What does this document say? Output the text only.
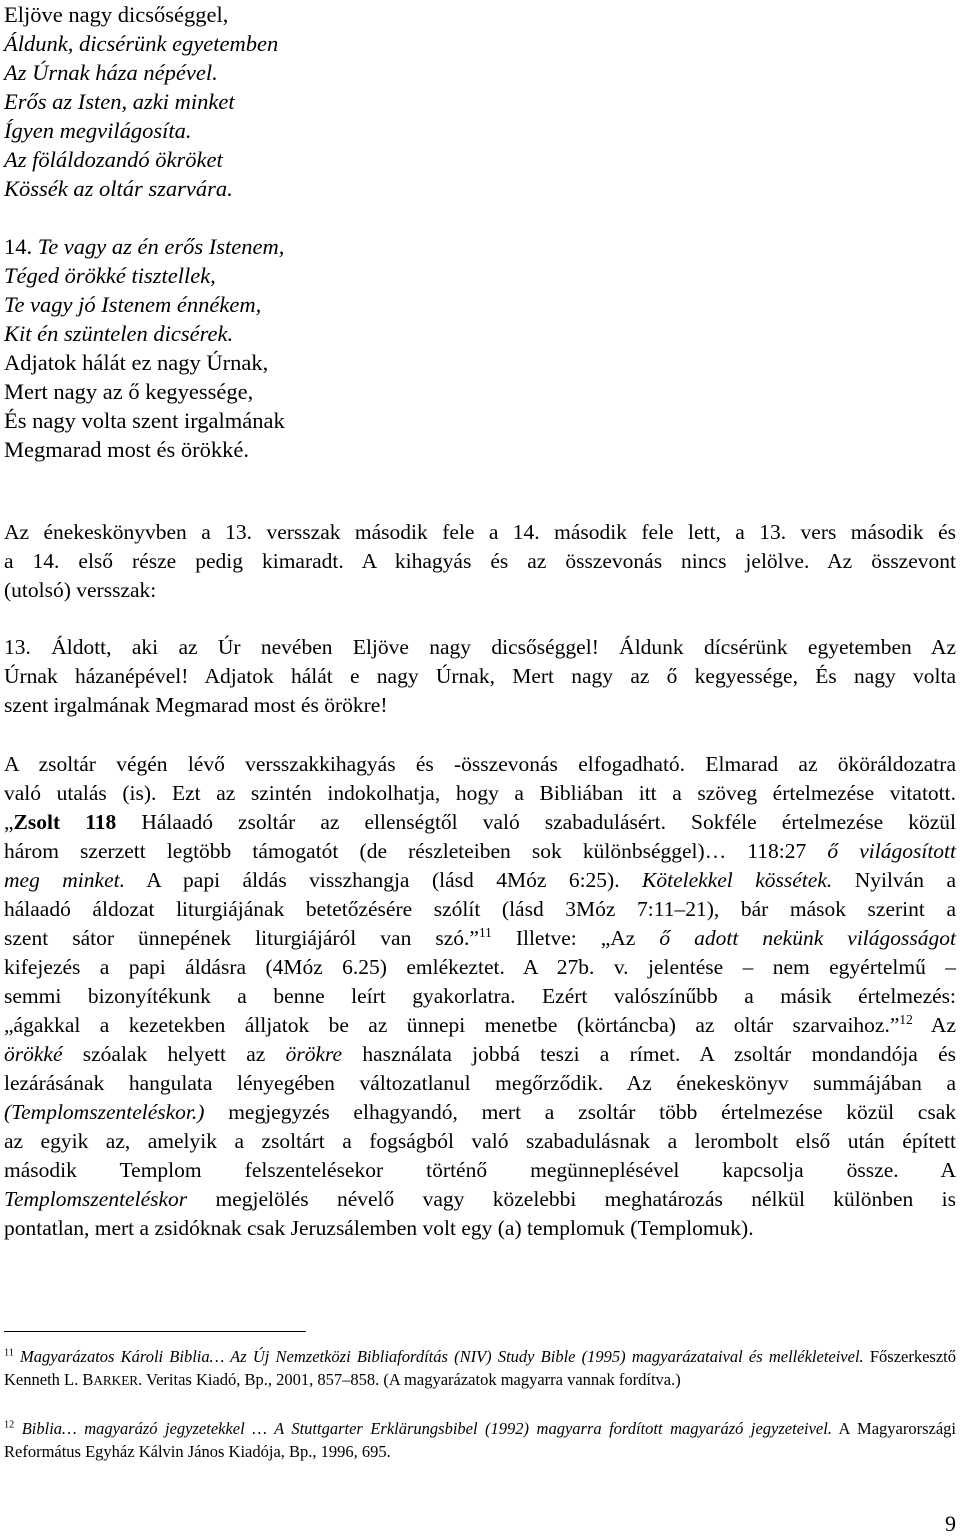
Eljöve nagy dicsőséggel,
Áldunk, dicsérünk egyetemben
Az Úrnak háza népével.
Erős az Isten, azki minket
Ígyen megvilágosíta.
Az föláldozandó ökröket
Kössék az oltár szarvára.
14. Te vagy az én erős Istenem,
Téged örökké tisztellek,
Te vagy jó Istenem énnékem,
Kit én szüntelen dicsérek.
Adjatok hálát ez nagy Úrnak,
Mert nagy az ő kegyessége,
És nagy volta szent irgalmának
Megmarad most és örökké.
Az énekeskönyvben a 13. versszak második fele a 14. második fele lett, a 13. vers második és
a 14. első része pedig kimaradt. A kihagyás és az összevonás nincs jelölve. Az összevont
(utolsó) versszak:
13. Áldott, aki az Úr nevében Eljöve nagy dicsőséggel! Áldunk dícsérünk egyetemben Az
Úrnak házanépével! Adjatok hálát e nagy Úrnak, Mert nagy az ő kegyessége, És nagy volta
szent irgalmának Megmarad most és örökre!
A zsoltár végén lévő versszakkihagyás és -összevonás elfogadható. Elmarad az ököráldozatra
való utalás (is). Ezt az szintén indokolhatja, hogy a Bibliában itt a szöveg értelmezése vitatott.
„Zsolt 118 Hálaadó zsoltár az ellenségtől való szabadulásért. Sokféle értelmezése közül
három szerzett legtöbb támogatót (de részleteiben sok különbséggel)… 118:27 ő világosított
meg minket. A papi áldás visszhangja (lásd 4Móz 6:25). Kötelekkel kössétek. Nyilván a
hálaadó áldozat liturgiájának betetőzésére szólít (lásd 3Móz 7:11–21), bár mások szerint a
szent sátor ünnepének liturgiájáról van szó.”$^{11}$ Illetve: „Az ő adott nekünk világosságot
kifejezés a papi áldásra (4Móz 6.25) emlékeztet. A 27b. v. jelentése – nem egyértelmű –
semmi bizonyítékunk a benne leírt gyakorlatra. Ezért valószínűbb a másik értelmezés:
„ágakkal a kezetekben álljatok be az ünnepi menetbe (körtáncba) az oltár szarvaihoz.”$^{12}$ Az
örökké szóalak helyett az örökre használata jobbá teszi a rímet. A zsoltár mondandója és
lezárásának hangulata lényegében változatlanul megőrződik. Az énekeskönyv summájában a
(Templomszenteléskor.) megjegyzés elhagyandó, mert a zsoltár több értelmezése közül csak
az egyik az, amelyik a zsoltárt a fogságból való szabadulásnak a lerombolt első után épített
második Templom felszentelésekor történő megünneplésével kapcsolja össze. A
Templomszenteléskor megjelölés névelő vagy közelebbi meghatározás nélkül különben is
pontatlan, mert a zsidóknak csak Jeruzsálemben volt egy (a) templomuk (Templomuk).
$^{11}$ Magyarázatos Károli Biblia… Az Új Nemzetközi Bibliafordítás (NIV) Study Bible (1995) magyarázataival és mellékleteivel. Főszerkesztő Kenneth L. BARKER. Veritas Kiadó, Bp., 2001, 857–858. (A magyarázatok magyarra vannak fordítva.)
$^{12}$ Biblia… magyarázó jegyzetekkel … A Stuttgarter Erklärungsbibel (1992) magyarra fordított magyarázó jegyzeteivel. A Magyarországi Református Egyház Kálvin János Kiadója, Bp., 1996, 695.
9
